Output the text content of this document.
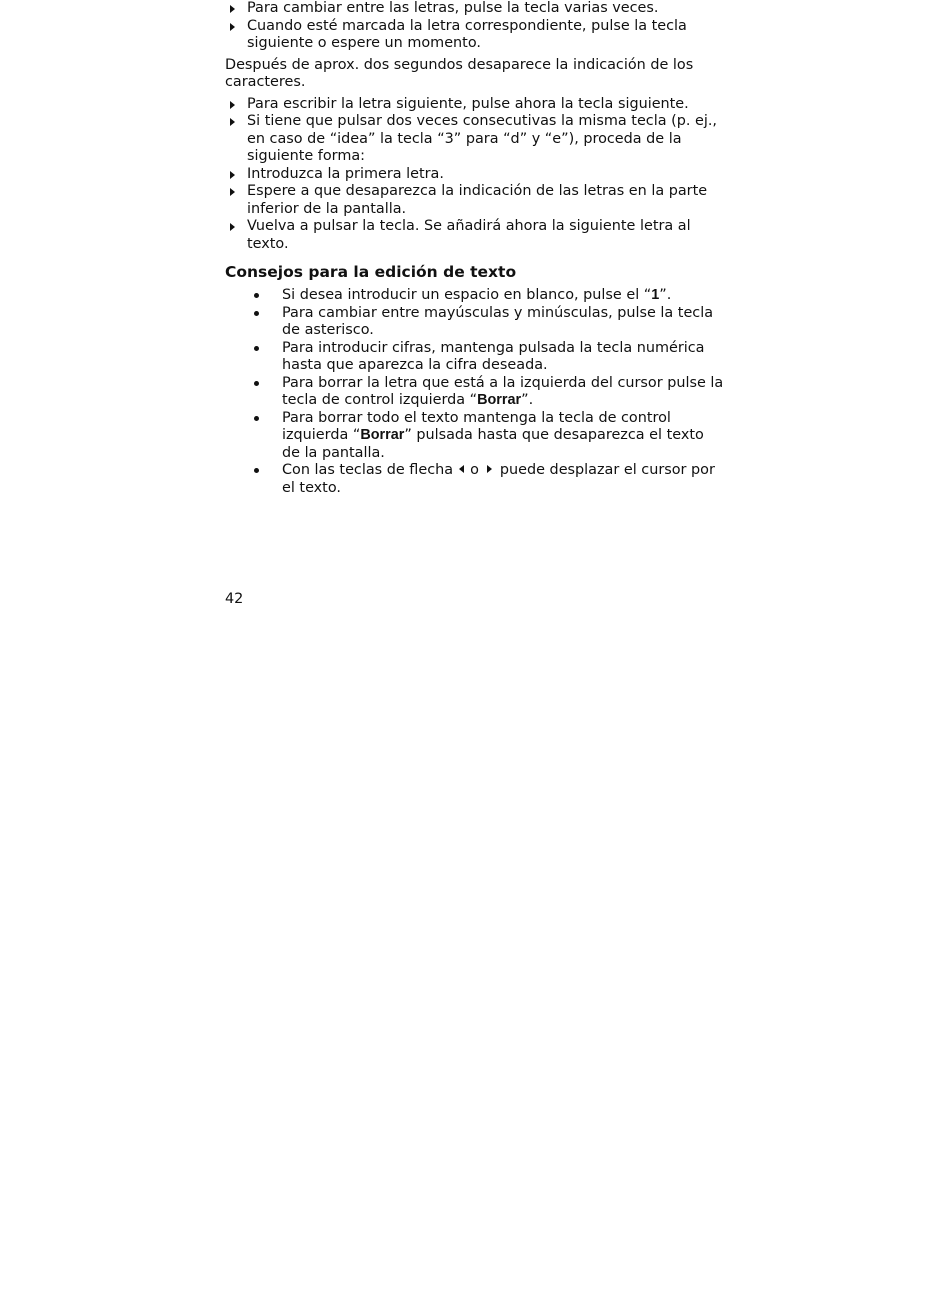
Para cambiar entre las letras, pulse la tecla varias veces.
Cuando esté marcada la letra correspondiente, pulse la tecla siguiente o espere un momento.

Después de aprox. dos segundos desaparece la indicación de los caracteres.

Para escribir la letra siguiente, pulse ahora la tecla siguiente.
Si tiene que pulsar dos veces consecutivas la misma tecla (p. ej., en caso de “idea” la tecla “3” para “d” y “e”), proceda de la siguiente forma:
Introduzca la primera letra.
Espere a que desaparezca la indicación de las letras en la parte inferior de la pantalla.
Vuelva a pulsar la tecla. Se añadirá ahora la siguiente letra al texto.
Consejos para la edición de texto
Si desea introducir un espacio en blanco, pulse el “1”.
Para cambiar entre mayúsculas y minúsculas, pulse la tecla de asterisco.
Para introducir cifras, mantenga pulsada la tecla numérica hasta que aparezca la cifra deseada.
Para borrar la letra que está a la izquierda del cursor pulse la tecla de control izquierda “Borrar”.
Para borrar todo el texto mantenga la tecla de control izquierda “Borrar” pulsada hasta que desaparezca el texto de la pantalla.
Con las teclas de flecha o puede desplazar el cursor por el texto.
42
